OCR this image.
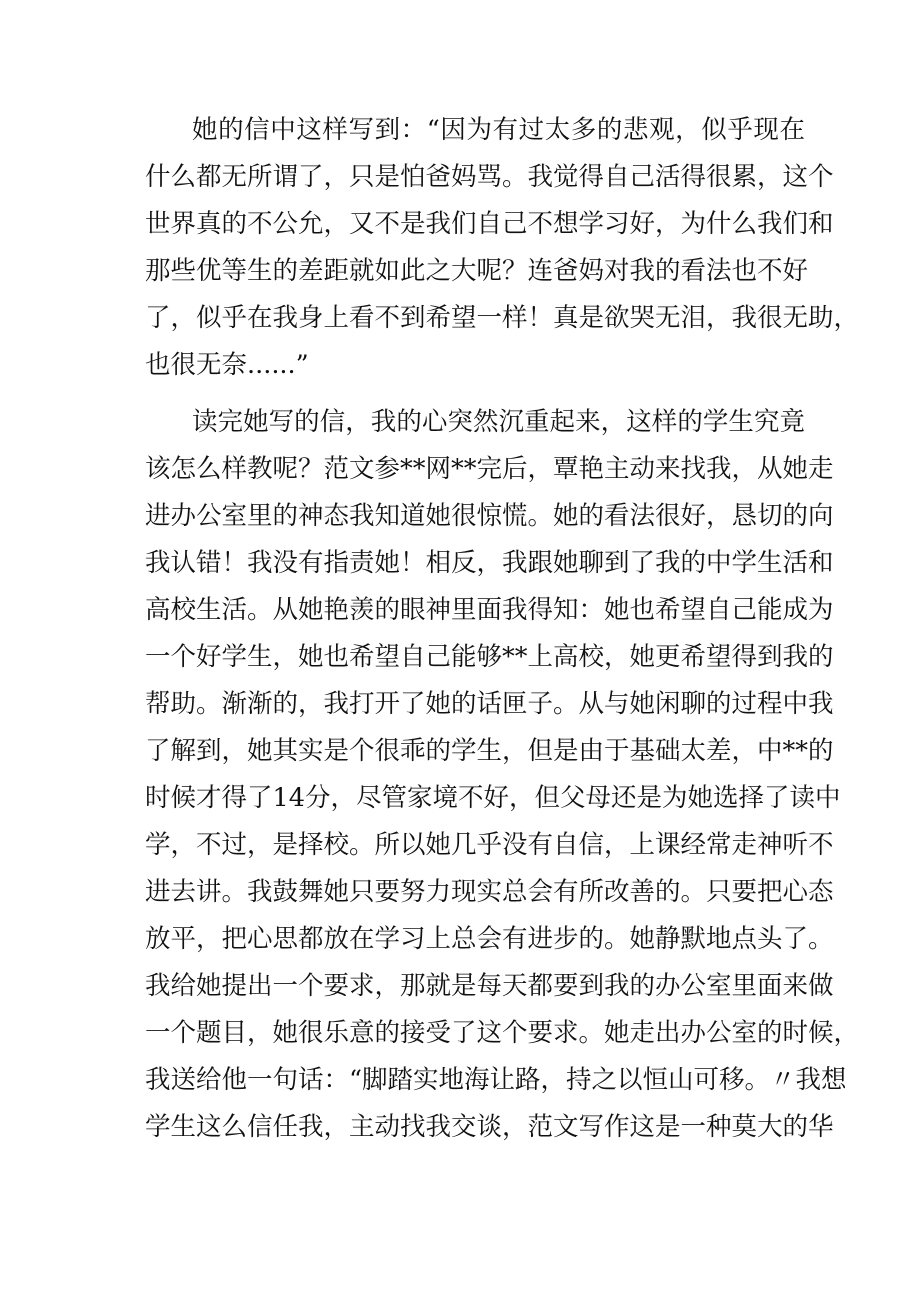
她的信中这样写到：“因为有过太多的悲观，似乎现在
什么都无所谓了，只是怕爸妈骂。我觉得自己活得很累，这个
世界真的不公允，又不是我们自己不想学习好，为什么我们和
那些优等生的差距就如此之大呢？连爸妈对我的看法也不好
了，似乎在我身上看不到希望一样！真是欲哭无泪，我很无助，
也很无奈......”
读完她写的信，我的心突然沉重起来，这样的学生究竟
该怎么样教呢？范文参**网**完后，覃艳主动来找我，从她走
进办公室里的神态我知道她很惊慌。她的看法很好，恳切的向
我认错！我没有指责她！相反，我跟她聊到了我的中学生活和
高校生活。从她艳羡的眼神里面我得知：她也希望自己能成为
一个好学生，她也希望自己能够**上高校，她更希望得到我的
帮助。渐渐的，我打开了她的话匣子。从与她闲聊的过程中我
了解到，她其实是个很乖的学生，但是由于基础太差，中**的
时候才得了14分，尽管家境不好，但父母还是为她选择了读中
学，不过，是择校。所以她几乎没有自信，上课经常走神听不
进去讲。我鼓舞她只要努力现实总会有所改善的。只要把心态
放平，把心思都放在学习上总会有进步的。她静默地点头了。
我给她提出一个要求，那就是每天都要到我的办公室里面来做
一个题目，她很乐意的接受了这个要求。她走出办公室的时候，
我送给他一句话：“脚踏实地海让路，持之以恒山可移。〃我想
学生这么信任我，主动找我交谈，范文写作这是一种莫大的华
